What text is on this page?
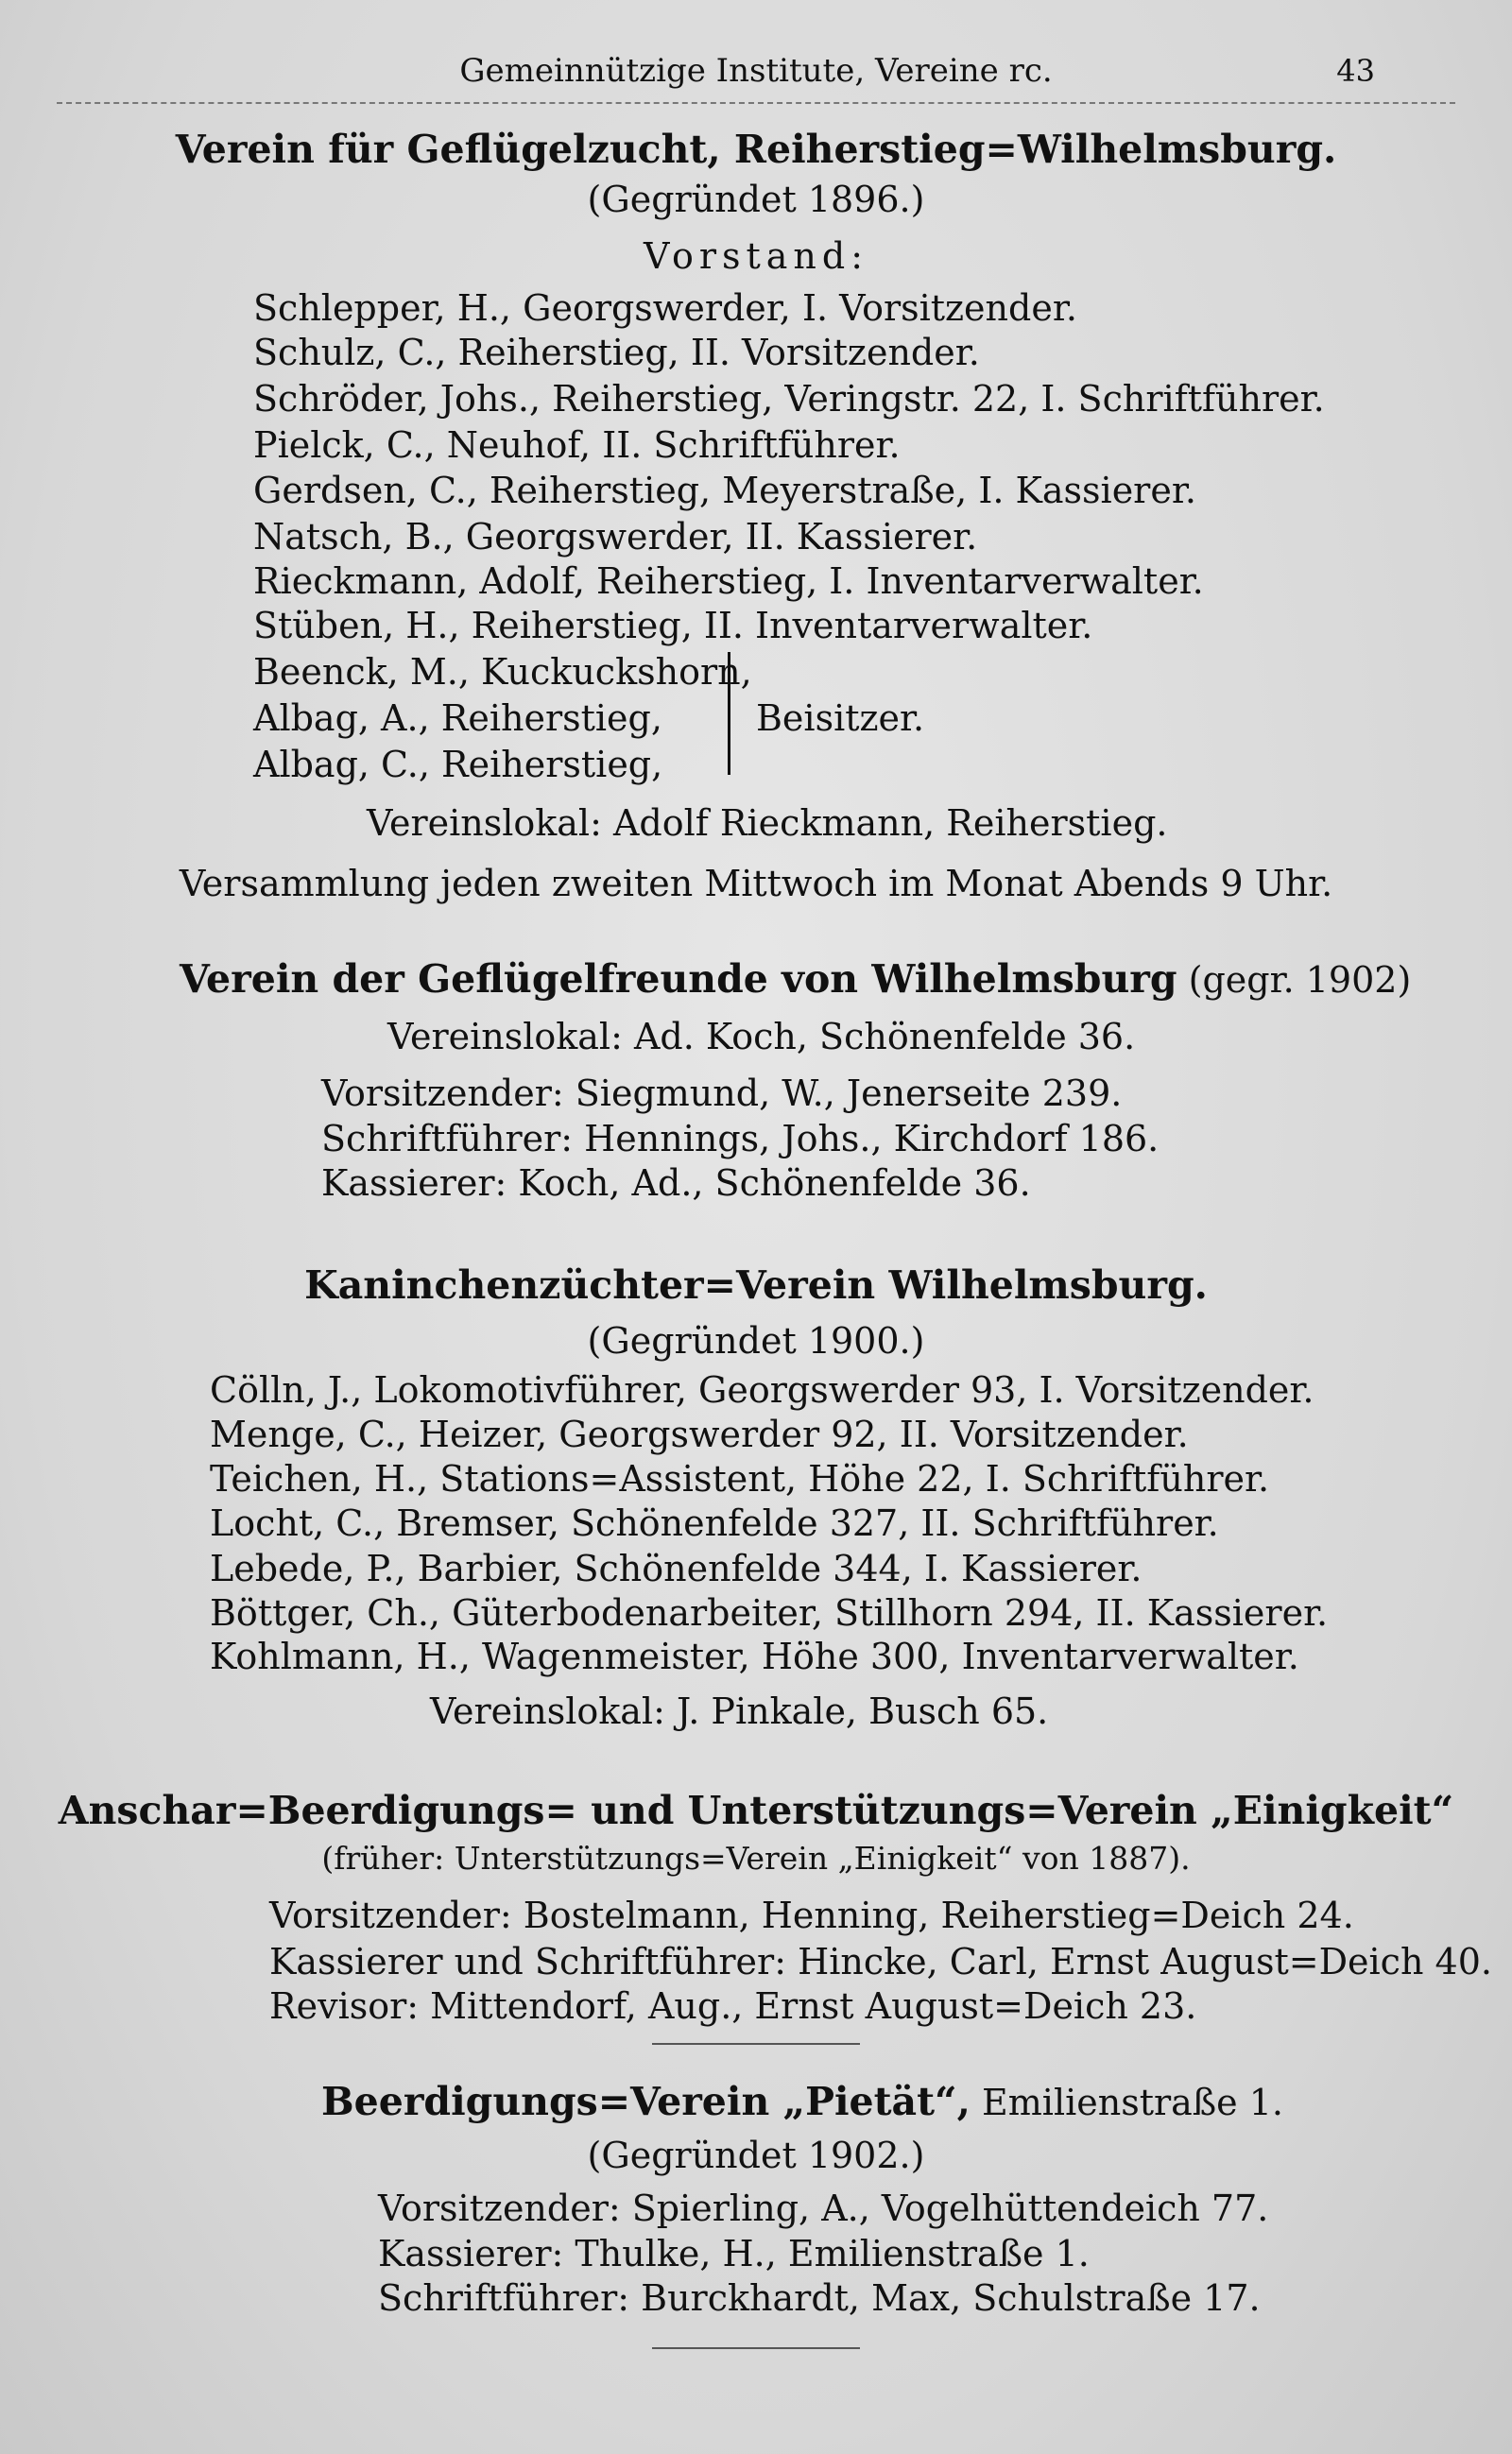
Gemeinnützige Institute, Vereine rc.	43
Verein für Geflügelzucht, Reiherstieg=Wilhelmsburg.
(Gegründet 1896.)
Vorstand:
Schlepper, H., Georgswerder, I. Vorsitzender.
Schulz, C., Reiherstieg, II. Vorsitzender.
Schröder, Johs., Reiherstieg, Veringstr. 22, I. Schriftführer.
Pielck, C., Neuhof, II. Schriftführer.
Gerdsen, C., Reiherstieg, Meyerstraße, I. Kassierer.
Natsch, B., Georgswerder, II. Kassierer.
Rieckmann, Adolf, Reiherstieg, I. Inventarverwalter.
Stüben, H., Reiherstieg, II. Inventarverwalter.
Beenck, M., Kuckuckshorn,
Albag, A., Reiherstieg,
Albag, C., Reiherstieg,
Beisitzer.
Vereinslokal: Adolf Rieckmann, Reiherstieg.
Versammlung jeden zweiten Mittwoch im Monat Abends 9 Uhr.
Verein der Geflügelfreunde von Wilhelmsburg (gegr. 1902)
Vereinslokal: Ad. Koch, Schönenfelde 36.
Vorsitzender: Siegmund, W., Jenerseite 239.
Schriftführer: Hennings, Johs., Kirchdorf 186.
Kassierer: Koch, Ad., Schönenfelde 36.
Kaninchenzüchter=Verein Wilhelmsburg.
(Gegründet 1900.)
Cölln, J., Lokomotivführer, Georgswerder 93, I. Vorsitzender.
Menge, C., Heizer, Georgswerder 92, II. Vorsitzender.
Teichen, H., Stations=Assistent, Höhe 22, I. Schriftführer.
Locht, C., Bremser, Schönenfelde 327, II. Schriftführer.
Lebede, P., Barbier, Schönenfelde 344, I. Kassierer.
Böttger, Ch., Güterbodenarbeiter, Stillhorn 294, II. Kassierer.
Kohlmann, H., Wagenmeister, Höhe 300, Inventarverwalter.
Vereinslokal: J. Pinkale, Busch 65.
Anschar=Beerdigungs= und Unterstützungs=Verein „Einigkeit“
(früher: Unterstützungs=Verein „Einigkeit“ von 1887).
Vorsitzender: Bostelmann, Henning, Reiherstieg=Deich 24.
Kassierer und Schriftführer: Hincke, Carl, Ernst August=Deich 40.
Revisor: Mittendorf, Aug., Ernst August=Deich 23.
Beerdigungs=Verein „Pietät“, Emilienstraße 1.
(Gegründet 1902.)
Vorsitzender: Spierling, A., Vogelhüttendeich 77.
Kassierer: Thulke, H., Emilienstraße 1.
Schriftführer: Burckhardt, Max, Schulstraße 17.
